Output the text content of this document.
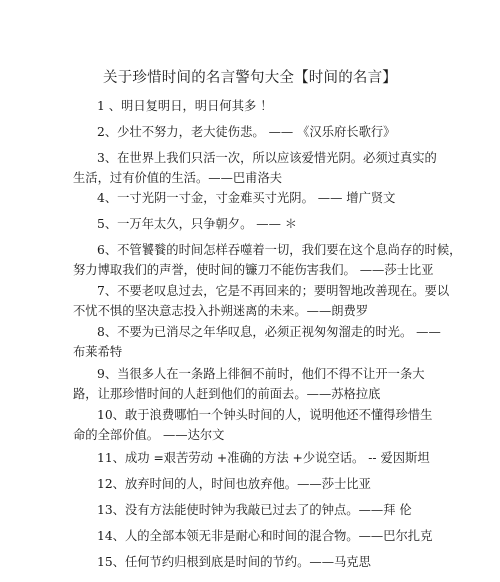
关于珍惜时间的名言警句大全【时间的名言】
1 、明日复明日，明日何其多 ！
2、少壮不努力，老大徒伤悲。 —— 《汉乐府长歌行》
3、在世界上我们只活一次，所以应该爱惜光阴。必须过真实的
生活，过有价值的生活。——巴甫洛夫
4、一寸光阴一寸金，寸金难买寸光阴。 —— 增广贤文
5、一万年太久，只争朝夕。 —— ＊
6、不管饕餮的时间怎样吞噬着一切，我们要在这个息尚存的时候，
努力博取我们的声誉，使时间的镰刀不能伤害我们。 ——莎士比亚
7、不要老叹息过去，它是不再回来的；要明智地改善现在。要以
不忧不惧的坚决意志投入扑朔迷离的未来。——朗费罗
8、不要为已消尽之年华叹息，必须正视匆匆溜走的时光。 ——
布莱希特
9、当很多人在一条路上徘徊不前时，他们不得不让开一条大
路，让那珍惜时间的人赶到他们的前面去。——苏格拉底
10、敢于浪费哪怕一个钟头时间的人，说明他还不懂得珍惜生
命的全部价值。 ——达尔文
11、成功 =艰苦劳动 +准确的方法 +少说空话。 -- 爱因斯坦
12、放弃时间的人，时间也放弃他。——莎士比亚
13、没有方法能使时钟为我敲已过去了的钟点。——拜 伦
14、人的全部本领无非是耐心和时间的混合物。——巴尔扎克
15、任何节约归根到底是时间的节约。——马克思
